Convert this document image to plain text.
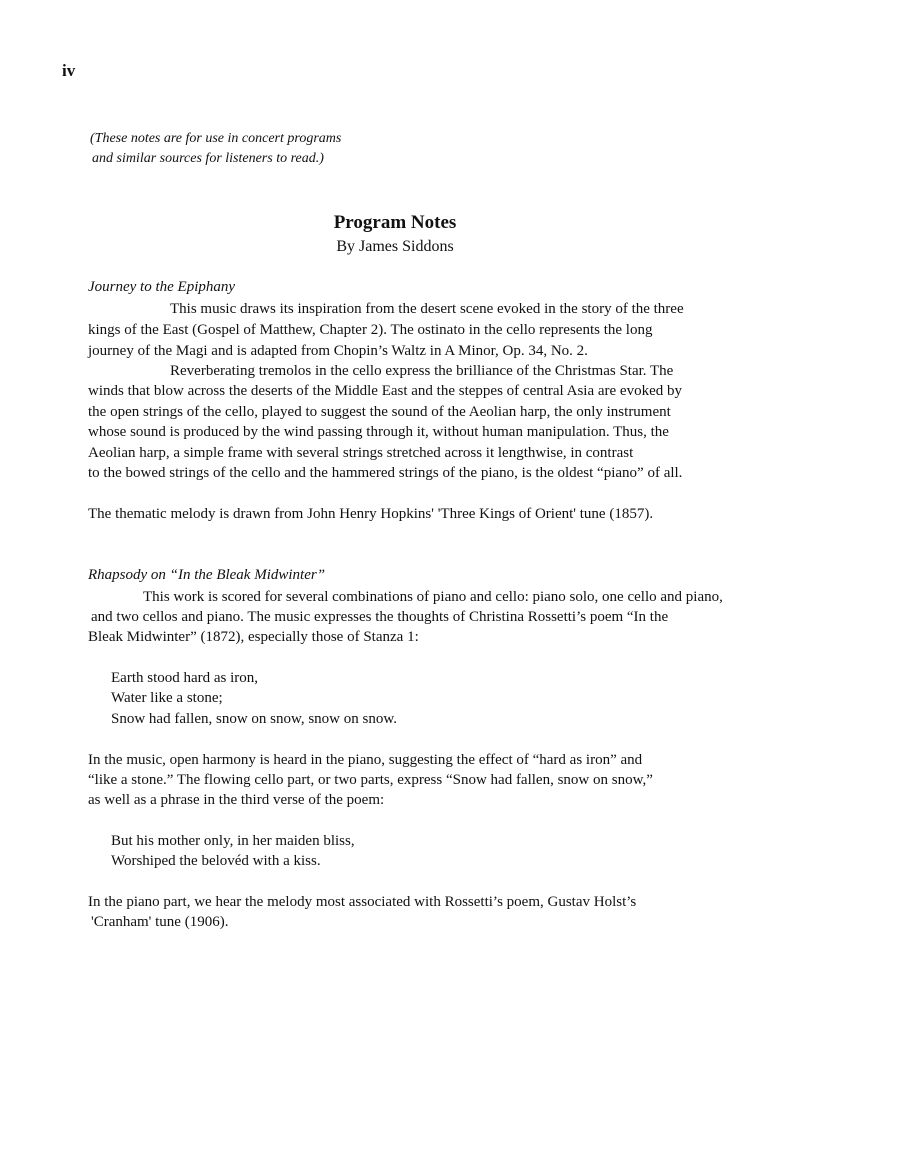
iv
(These notes are for use in concert programs
and similar sources for listeners to read.)
Program Notes
By James Siddons
Journey to the Epiphany
This music draws its inspiration from the desert scene evoked in the story of the three
kings of the East (Gospel of Matthew, Chapter 2). The ostinato in the cello represents the long
journey of the Magi and is adapted from Chopin’s Waltz in A Minor, Op. 34, No. 2.
Reverberating tremolos in the cello express the brilliance of the Christmas Star. The
winds that blow across the deserts of the Middle East and the steppes of central Asia are evoked by
the open strings of the cello, played to suggest the sound of the Aeolian harp, the only instrument
whose sound is produced by the wind passing through it, without human manipulation. Thus, the
Aeolian harp, a simple frame with several strings stretched across it lengthwise, in contrast
to the bowed strings of the cello and the hammered strings of the piano, is the oldest “piano” of all.
The thematic melody is drawn from John Henry Hopkins' 'Three Kings of Orient' tune (1857).
Rhapsody on “In the Bleak Midwinter”
This work is scored for several combinations of piano and cello: piano solo, one cello and piano,
and two cellos and piano. The music expresses the thoughts of Christina Rossetti’s poem “In the
Bleak Midwinter” (1872), especially those of Stanza 1:
Earth stood hard as iron,
Water like a stone;
Snow had fallen, snow on snow, snow on snow.
In the music, open harmony is heard in the piano, suggesting the effect of “hard as iron” and
“like a stone.” The flowing cello part, or two parts, express “Snow had fallen, snow on snow,”
as well as a phrase in the third verse of the poem:
But his mother only, in her maiden bliss,
Worshiped the belovéd with a kiss.
In the piano part, we hear the melody most associated with Rossetti’s poem, Gustav Holst’s
'Cranham' tune (1906).
